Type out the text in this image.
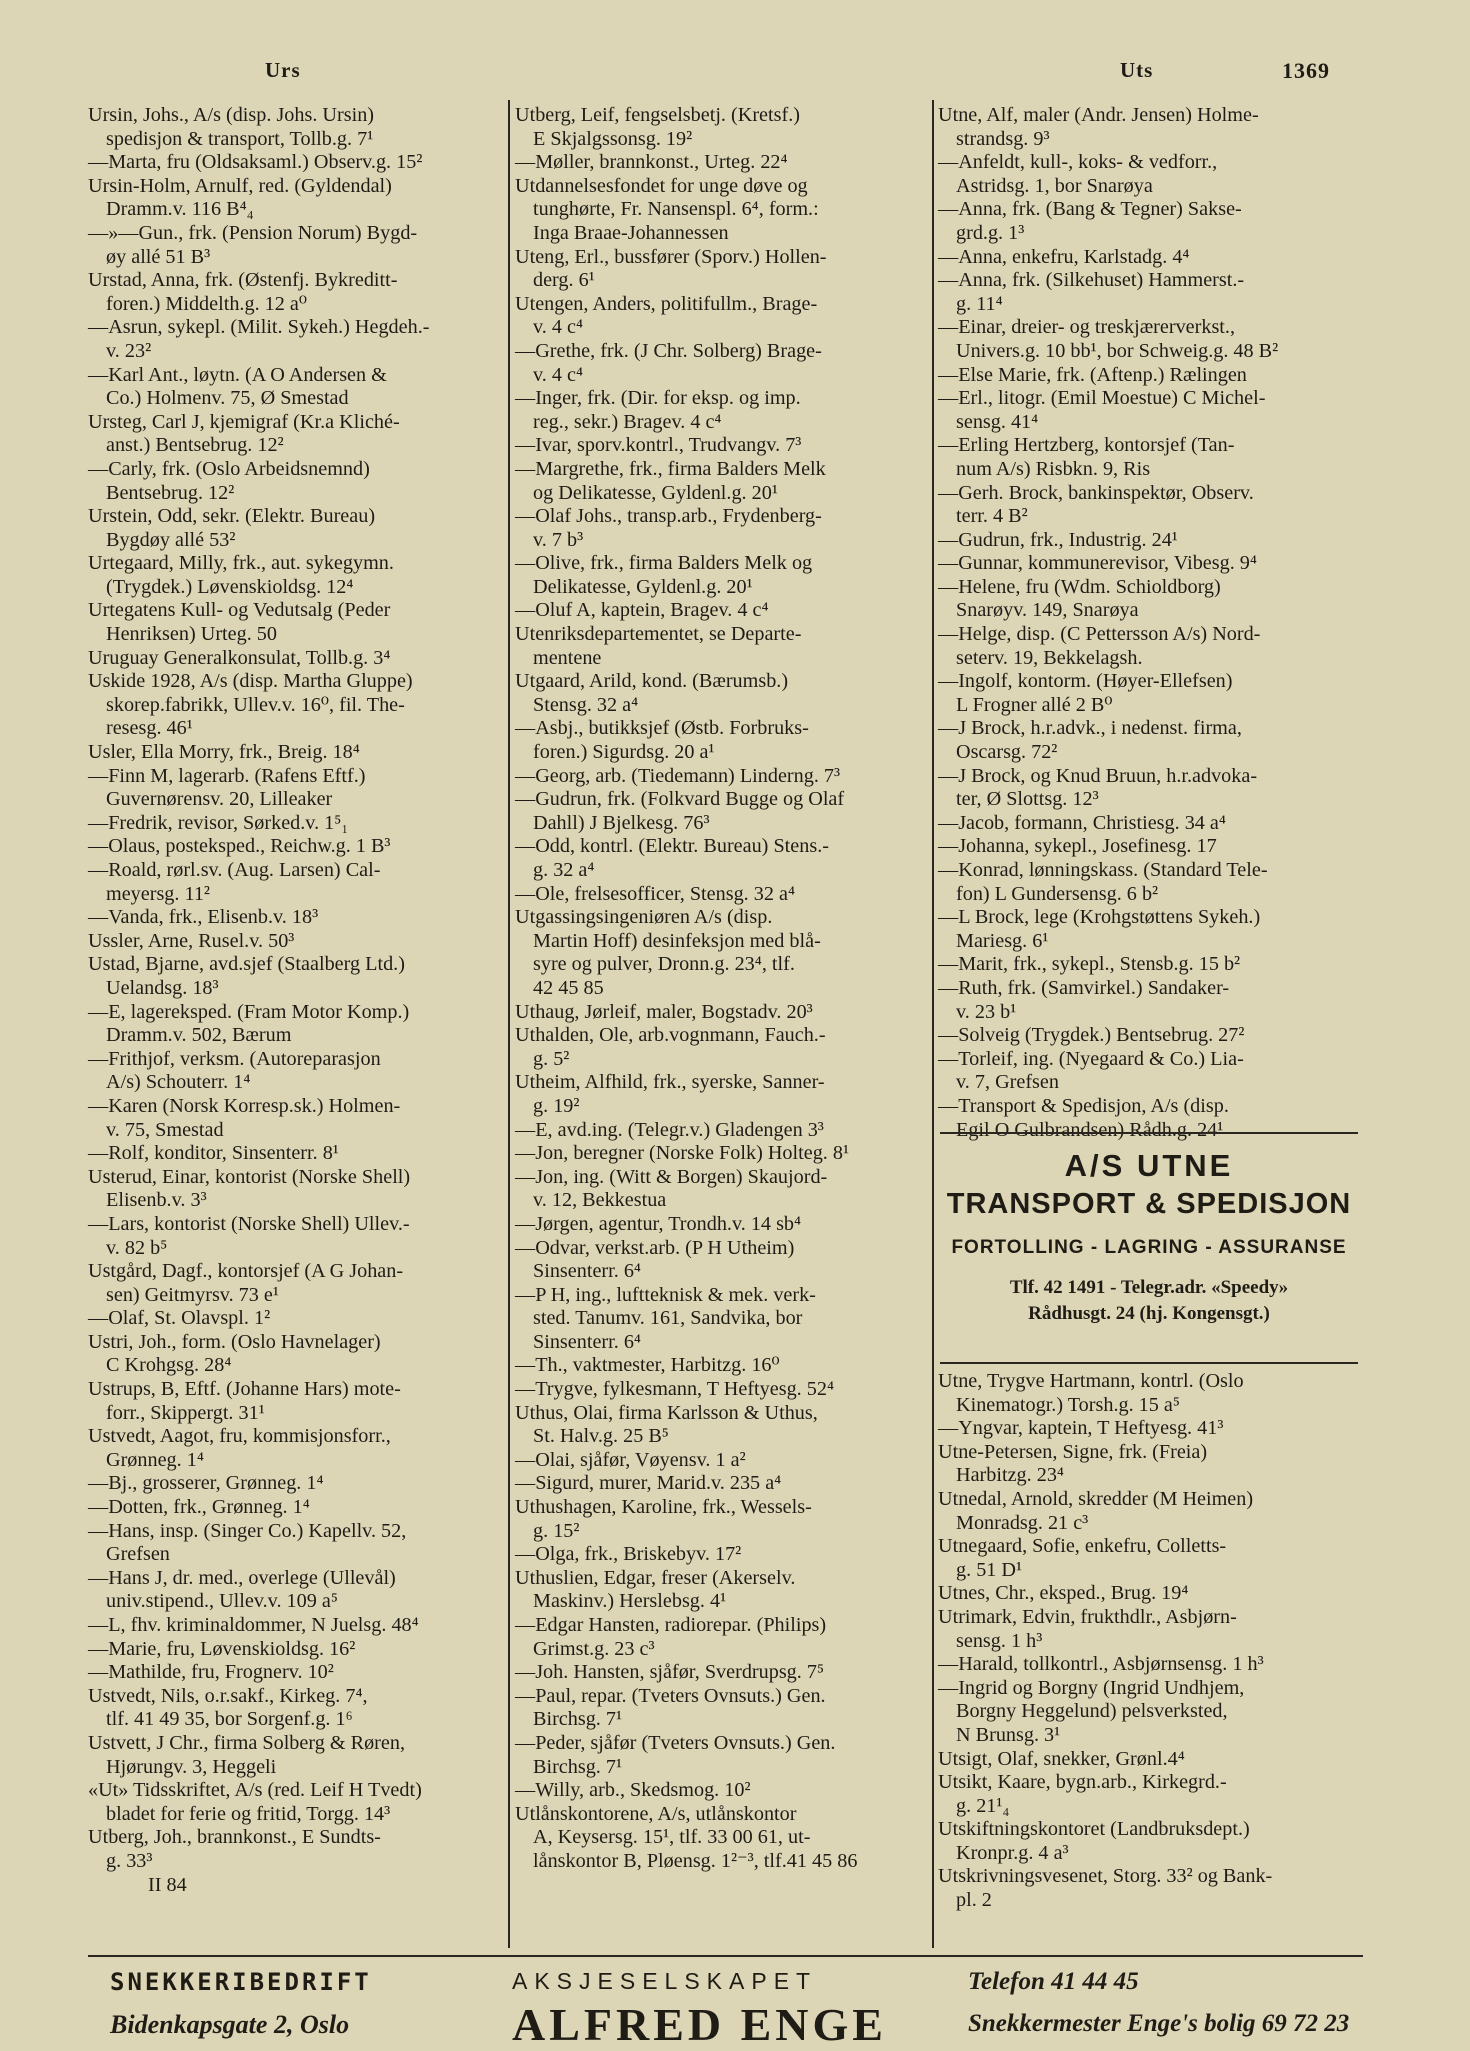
Urs	Uts	1369
Ursin, Johs., A/s (disp. Johs. Ursin)
spedisjon & transport, Tollb.g. 7¹
—Marta, fru (Oldsaksaml.) Observ.g. 15²
Ursin-Holm, Arnulf, red. (Gyldendal)
Dramm.v. 116 B⁴₄
—»—Gun., frk. (Pension Norum) Bygd-
øy allé 51 B³
Urstad, Anna, frk. (Østenfj. Bykreditt-
foren.) Middelth.g. 12 a⁰
—Asrun, sykepl. (Milit. Sykeh.) Hegdeh.-
v. 23²
—Karl Ant., løytn. (A O Andersen &
Co.) Holmenv. 75, Ø Smestad
Ursteg, Carl J, kjemigraf (Kr.a Kliché-
anst.) Bentsebrug. 12²
—Carly, frk. (Oslo Arbeidsnemnd)
Bentsebrug. 12²
Urstein, Odd, sekr. (Elektr. Bureau)
Bygdøy allé 53²
Urtegaard, Milly, frk., aut. sykegymn.
(Trygdek.) Løvenskioldsg. 12⁴
Urtegatens Kull- og Vedutsalg (Peder
Henriksen) Urteg. 50
Uruguay Generalkonsulat, Tollb.g. 3⁴
Uskide 1928, A/s (disp. Martha Gluppe)
skorep.fabrikk, Ullev.v. 16⁰, fil. The-
resesg. 46¹
Usler, Ella Morry, frk., Breig. 18⁴
—Finn M, lagerarb. (Rafens Eftf.)
Guvernørensv. 20, Lilleaker
—Fredrik, revisor, Sørked.v. 1⁵₁
—Olaus, posteksped., Reichw.g. 1 B³
—Roald, rørl.sv. (Aug. Larsen) Cal-
meyersg. 11²
—Vanda, frk., Elisenb.v. 18³
Ussler, Arne, Rusel.v. 50³
Ustad, Bjarne, avd.sjef (Staalberg Ltd.)
Uelandsg. 18³
—E, lagereksped. (Fram Motor Komp.)
Dramm.v. 502, Bærum
—Frithjof, verksm. (Autoreparasjon
A/s) Schouterr. 1⁴
—Karen (Norsk Korresp.sk.) Holmen-
v. 75, Smestad
—Rolf, konditor, Sinsenterr. 8¹
Usterud, Einar, kontorist (Norske Shell)
Elisenb.v. 3³
—Lars, kontorist (Norske Shell) Ullev.-
v. 82 b⁵
Ustgård, Dagf., kontorsjef (A G Johan-
sen) Geitmyrsv. 73 e¹
—Olaf, St. Olavspl. 1²
Ustri, Joh., form. (Oslo Havnelager)
C Krohgsg. 28⁴
Ustrups, B, Eftf. (Johanne Hars) mote-
forr., Skippergt. 31¹
Ustvedt, Aagot, fru, kommisjonsforr.,
Grønneg. 1⁴
—Bj., grosserer, Grønneg. 1⁴
—Dotten, frk., Grønneg. 1⁴
—Hans, insp. (Singer Co.) Kapellv. 52,
Grefsen
—Hans J, dr. med., overlege (Ullevål)
univ.stipend., Ullev.v. 109 a⁵
—L, fhv. kriminaldommer, N Juelsg. 48⁴
—Marie, fru, Løvenskioldsg. 16²
—Mathilde, fru, Frognerv. 10²
Ustvedt, Nils, o.r.sakf., Kirkeg. 7⁴,
tlf. 41 49 35, bor Sorgenf.g. 1⁶
Ustvett, J Chr., firma Solberg & Røren,
Hjørungv. 3, Heggeli
«Ut» Tidsskriftet, A/s (red. Leif H Tvedt)
bladet for ferie og fritid, Torgg. 14³
Utberg, Joh., brannkonst., E Sundts-
g. 33³
II 84
Utberg, Leif, fengselsbetj. (Kretsf.)
E Skjalgssonsg. 19²
—Møller, brannkonst., Urteg. 22⁴
Utdannelsesfondet for unge døve og
tunghørte, Fr. Nansenspl. 6⁴, form.:
Inga Braae-Johannessen
Uteng, Erl., bussfører (Sporv.) Hollen-
derg. 6¹
Utengen, Anders, politifullm., Brage-
v. 4 c⁴
—Grethe, frk. (J Chr. Solberg) Brage-
v. 4 c⁴
—Inger, frk. (Dir. for eksp. og imp.
reg., sekr.) Bragev. 4 c⁴
—Ivar, sporv.kontrl., Trudvangv. 7³
—Margrethe, frk., firma Balders Melk
og Delikatesse, Gyldenl.g. 20¹
—Olaf Johs., transp.arb., Frydenberg-
v. 7 b³
—Olive, frk., firma Balders Melk og
Delikatesse, Gyldenl.g. 20¹
—Oluf A, kaptein, Bragev. 4 c⁴
Utenriksdepartementet, se Departe-
mentene
Utgaard, Arild, kond. (Bærumsb.)
Stensg. 32 a⁴
—Asbj., butikksjef (Østb. Forbruks-
foren.) Sigurdsg. 20 a¹
—Georg, arb. (Tiedemann) Linderng. 7³
—Gudrun, frk. (Folkvard Bugge og Olaf
Dahll) J Bjelkesg. 76³
—Odd, kontrl. (Elektr. Bureau) Stens.-
g. 32 a⁴
—Ole, frelsesofficer, Stensg. 32 a⁴
Utgassingsingeniøren A/s (disp.
Martin Hoff) desinfeksjon med blå-
syre og pulver, Dronn.g. 23⁴, tlf.
42 45 85
Uthaug, Jørleif, maler, Bogstadv. 20³
Uthalden, Ole, arb.vognmann, Fauch.-
g. 5²
Utheim, Alfhild, frk., syerske, Sanner-
g. 19²
—E, avd.ing. (Telegr.v.) Gladengen 3³
—Jon, beregner (Norske Folk) Holteg. 8¹
—Jon, ing. (Witt & Borgen) Skaujord-
v. 12, Bekkestua
—Jørgen, agentur, Trondh.v. 14 sb⁴
—Odvar, verkst.arb. (P H Utheim)
Sinsenterr. 6⁴
—P H, ing., luftteknisk & mek. verk-
sted. Tanumv. 161, Sandvika, bor
Sinsenterr. 6⁴
—Th., vaktmester, Harbitzg. 16⁰
—Trygve, fylkesmann, T Heftyesg. 52⁴
Uthus, Olai, firma Karlsson & Uthus,
St. Halv.g. 25 B⁵
—Olai, sjåfør, Vøyensv. 1 a²
—Sigurd, murer, Marid.v. 235 a⁴
Uthushagen, Karoline, frk., Wessels-
g. 15²
—Olga, frk., Briskebyv. 17²
Uthuslien, Edgar, freser (Akerselv.
Maskinv.) Herslebsg. 4¹
—Edgar Hansten, radiorepar. (Philips)
Grimst.g. 23 c³
—Joh. Hansten, sjåfør, Sverdrupsg. 7⁵
—Paul, repar. (Tveters Ovnsuts.) Gen.
Birchsg. 7¹
—Peder, sjåfør (Tveters Ovnsuts.) Gen.
Birchsg. 7¹
—Willy, arb., Skedsmog. 10²
Utlånskontorene, A/s, utlånskontor
A, Keysersg. 15¹, tlf. 33 00 61, ut-
lånskontor B, Pløensg. 1²⁻³, tlf.41 45 86
Utne, Alf, maler (Andr. Jensen) Holme-
strandsg. 9³
—Anfeldt, kull-, koks- & vedforr.,
Astridsg. 1, bor Snarøya
—Anna, frk. (Bang & Tegner) Sakse-
grd.g. 1³
—Anna, enkefru, Karlstadg. 4⁴
—Anna, frk. (Silkehuset) Hammerst.-
g. 11⁴
—Einar, dreier- og treskjærerverkst.,
Univers.g. 10 bb¹, bor Schweig.g. 48 B²
—Else Marie, frk. (Aftenp.) Rælingen
—Erl., litogr. (Emil Moestue) C Michel-
sensg. 41⁴
—Erling Hertzberg, kontorsjef (Tan-
num A/s) Risbkn. 9, Ris
—Gerh. Brock, bankinspektør, Observ.
terr. 4 B²
—Gudrun, frk., Industrig. 24¹
—Gunnar, kommunerevisor, Vibesg. 9⁴
—Helene, fru (Wdm. Schioldborg)
Snarøyv. 149, Snarøya
—Helge, disp. (C Pettersson A/s) Nord-
seterv. 19, Bekkelagsh.
—Ingolf, kontorm. (Høyer-Ellefsen)
L Frogner allé 2 B⁰
—J Brock, h.r.advk., i nedenst. firma,
Oscarsg. 72²
—J Brock, og Knud Bruun, h.r.advoka-
ter, Ø Slottsg. 12³
—Jacob, formann, Christiesg. 34 a⁴
—Johanna, sykepl., Josefinesg. 17
—Konrad, lønningskass. (Standard Tele-
fon) L Gundersensg. 6 b²
—L Brock, lege (Krohgstøttens Sykeh.)
Mariesg. 6¹
—Marit, frk., sykepl., Stensb.g. 15 b²
—Ruth, frk. (Samvirkel.) Sandaker-
v. 23 b¹
—Solveig (Trygdek.) Bentsebrug. 27²
—Torleif, ing. (Nyegaard & Co.) Lia-
v. 7, Grefsen
—Transport & Spedisjon, A/s (disp.
Egil O Gulbrandsen) Rådh.g. 24¹
A/S UTNE
TRANSPORT & SPEDISJON
FORTOLLING - LAGRING - ASSURANSE
Tlf. 42 1491 - Telegr.adr. «Speedy»
Rådhusgt. 24 (hj. Kongensgt.)
Utne, Trygve Hartmann, kontrl. (Oslo
Kinematogr.) Torsh.g. 15 a⁵
—Yngvar, kaptein, T Heftyesg. 41³
Utne-Petersen, Signe, frk. (Freia)
Harbitzg. 23⁴
Utnedal, Arnold, skredder (M Heimen)
Monradsg. 21 c³
Utnegaard, Sofie, enkefru, Colletts-
g. 51 D¹
Utnes, Chr., eksped., Brug. 19⁴
Utrimark, Edvin, frukthdlr., Asbjørn-
sensg. 1 h³
—Harald, tollkontrl., Asbjørnsensg. 1 h³
—Ingrid og Borgny (Ingrid Undhjem,
Borgny Heggelund) pelsverksted,
N Brunsg. 3¹
Utsigt, Olaf, snekker, Grønl.4⁴
Utsikt, Kaare, bygn.arb., Kirkegrd.-
g. 21¹₄
Utskiftningskontoret (Landbruksdept.)
Kronpr.g. 4 a³
Utskrivningsvesenet, Storg. 33² og Bank-
pl. 2
SNEKKERIBEDRIFT
Bidenkapsgate 2, Oslo
AKSJESELSKAPET
ALFRED ENGE
Telefon 41 44 45
Snekkermester Enge's bolig 69 72 23
